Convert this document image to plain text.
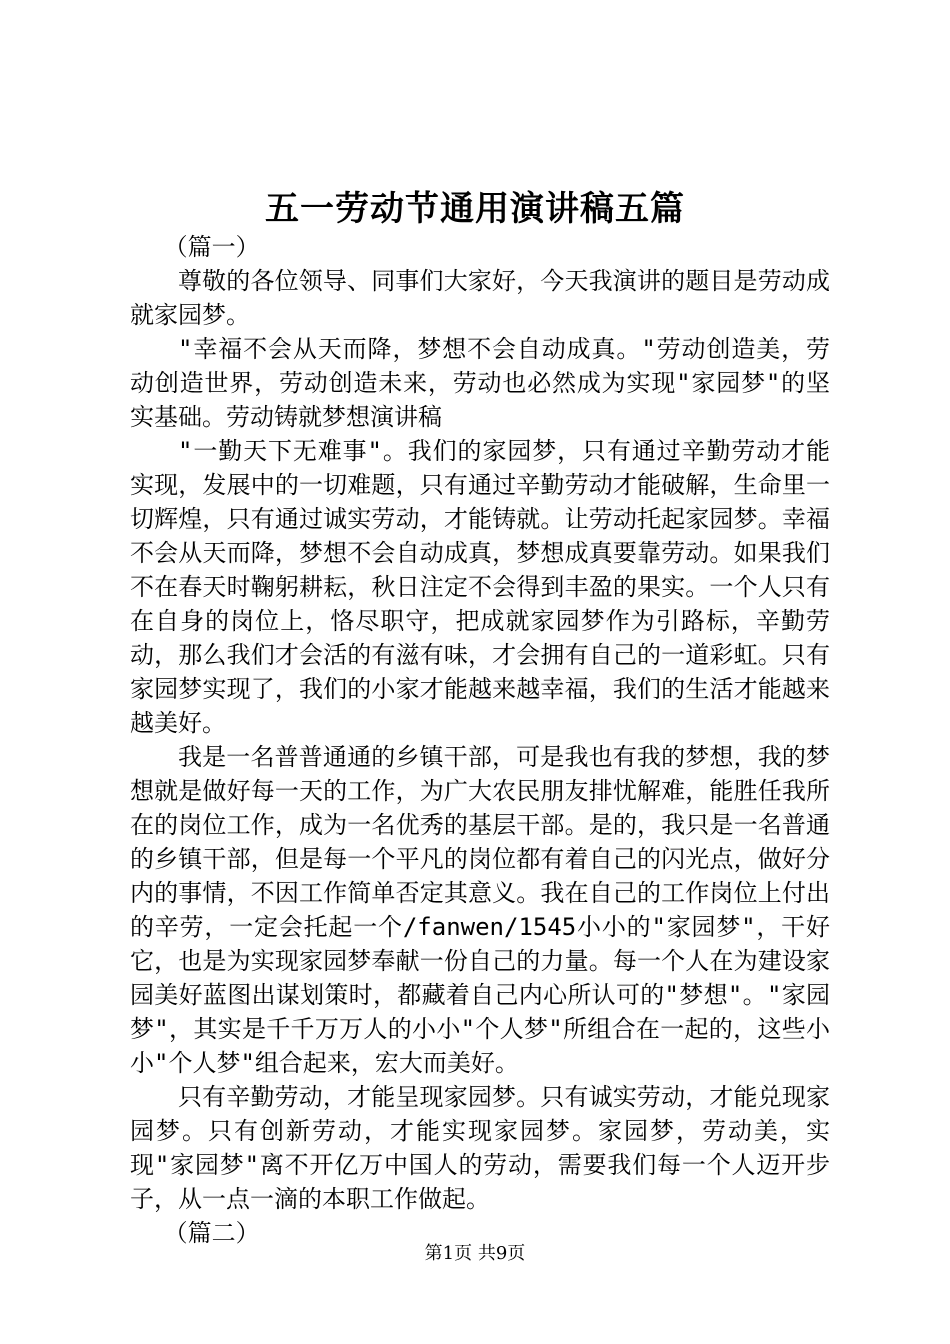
五一劳动节通用演讲稿五篇

（篇一）

尊敬的各位领导、同事们大家好，今天我演讲的题目是劳动成就家园梦。

"幸福不会从天而降，梦想不会自动成真。"劳动创造美，劳动创造世界，劳动创造未来，劳动也必然成为实现"家园梦"的坚实基础。劳动铸就梦想演讲稿

"一勤天下无难事"。我们的家园梦，只有通过辛勤劳动才能实现，发展中的一切难题，只有通过辛勤劳动才能破解，生命里一切辉煌，只有通过诚实劳动，才能铸就。让劳动托起家园梦。幸福不会从天而降，梦想不会自动成真，梦想成真要靠劳动。如果我们不在春天时鞠躬耕耘，秋日注定不会得到丰盈的果实。一个人只有在自身的岗位上，恪尽职守，把成就家园梦作为引路标，辛勤劳动，那么我们才会活的有滋有味，才会拥有自己的一道彩虹。只有家园梦实现了，我们的小家才能越来越幸福，我们的生活才能越来越美好。

我是一名普普通通的乡镇干部，可是我也有我的梦想，我的梦想就是做好每一天的工作，为广大农民朋友排忧解难，能胜任我所在的岗位工作，成为一名优秀的基层干部。是的，我只是一名普通的乡镇干部，但是每一个平凡的岗位都有着自己的闪光点，做好分内的事情，不因工作简单否定其意义。我在自己的工作岗位上付出的辛劳，一定会托起一个/fanwen/1545小小的"家园梦"，干好它，也是为实现家园梦奉献一份自己的力量。每一个人在为建设家园美好蓝图出谋划策时，都藏着自己内心所认可的"梦想"。"家园梦"，其实是千千万万人的小小"个人梦"所组合在一起的，这些小小"个人梦"组合起来，宏大而美好。

只有辛勤劳动，才能呈现家园梦。只有诚实劳动，才能兑现家园梦。只有创新劳动，才能实现家园梦。家园梦，劳动美，实现"家园梦"离不开亿万中国人的劳动，需要我们每一个人迈开步子，从一点一滴的本职工作做起。

（篇二）

第1页 共9页
